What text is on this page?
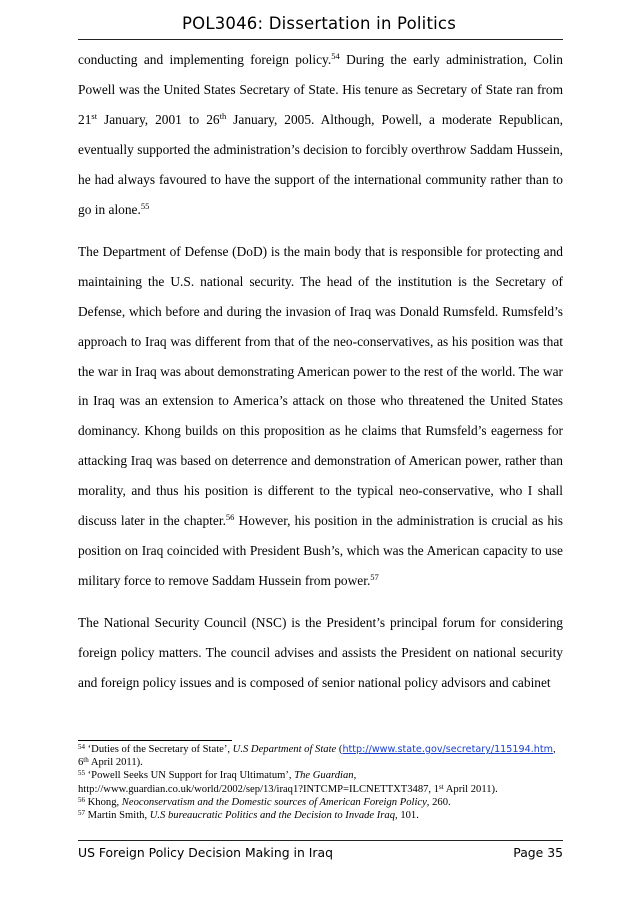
POL3046: Dissertation in Politics

conducting and implementing foreign policy.$^{54}$ During the early administration, Colin Powell was the United States Secretary of State. His tenure as Secretary of State ran from 21st January, 2001 to 26th January, 2005. Although, Powell, a moderate Republican, eventually supported the administration’s decision to forcibly overthrow Saddam Hussein, he had always favoured to have the support of the international community rather than to go in alone.$^{55}$

The Department of Defense (DoD) is the main body that is responsible for protecting and maintaining the U.S. national security. The head of the institution is the Secretary of Defense, which before and during the invasion of Iraq was Donald Rumsfeld. Rumsfeld’s approach to Iraq was different from that of the neo-conservatives, as his position was that the war in Iraq was about demonstrating American power to the rest of the world. The war in Iraq was an extension to America’s attack on those who threatened the United States dominancy. Khong builds on this proposition as he claims that Rumsfeld’s eagerness for attacking Iraq was based on deterrence and demonstration of American power, rather than morality, and thus his position is different to the typical neo-conservative, who I shall discuss later in the chapter.$^{56}$ However, his position in the administration is crucial as his position on Iraq coincided with President Bush’s, which was the American capacity to use military force to remove Saddam Hussein from power.$^{57}$

The National Security Council (NSC) is the President’s principal forum for considering foreign policy matters. The council advises and assists the President on national security and foreign policy issues and is composed of senior national policy advisors and cabinet

$^{54}$ ‘Duties of the Secretary of State’, U.S Department of State (http://www.state.gov/secretary/115194.htm, 6th April 2011).

$^{55}$ ‘Powell Seeks UN Support for Iraq Ultimatum’, The Guardian, http://www.guardian.co.uk/world/2002/sep/13/iraq1?INTCMP=ILCNETTXT3487, 1st April 2011).

$^{56}$ Khong, Neoconservatism and the Domestic sources of American Foreign Policy, 260.

$^{57}$ Martin Smith, U.S bureaucratic Politics and the Decision to Invade Iraq, 101.

US Foreign Policy Decision Making in Iraq	Page 35
